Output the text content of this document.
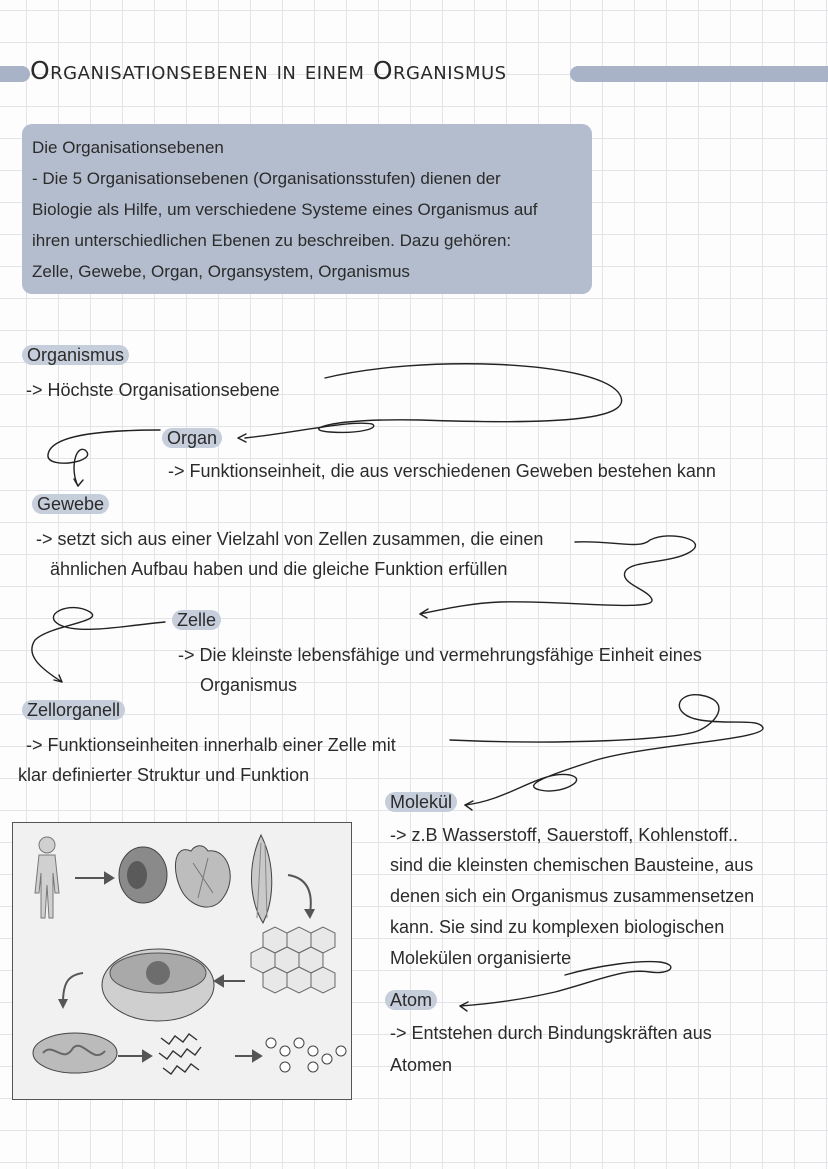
Organisationsebenen in einem Organismus
Die Organisationsebenen
- Die 5 Organisationsebenen (Organisationsstufen) dienen der
Biologie als Hilfe, um verschiedene Systeme eines Organismus auf
ihren unterschiedlichen Ebenen zu beschreiben. Dazu gehören:
Zelle, Gewebe, Organ, Organsystem, Organismus
Organismus
-> Höchste Organisationsebene
Organ
-> Funktionseinheit, die aus verschiedenen Geweben bestehen kann
Gewebe
-> setzt sich aus einer Vielzahl von Zellen zusammen, die einen
ähnlichen Aufbau haben und die gleiche Funktion erfüllen
Zelle
-> Die kleinste lebensfähige und vermehrungsfähige Einheit eines
Organismus
Zellorganell
-> Funktionseinheiten innerhalb einer Zelle mit
klar definierter Struktur und Funktion
Molekül
-> z.B Wasserstoff, Sauerstoff, Kohlenstoff..
sind die kleinsten chemischen Bausteine, aus
denen sich ein Organismus zusammensetzen
kann. Sie sind zu komplexen biologischen
Molekülen organisierte
Atom
-> Entstehen durch Bindungskräften aus
Atomen
